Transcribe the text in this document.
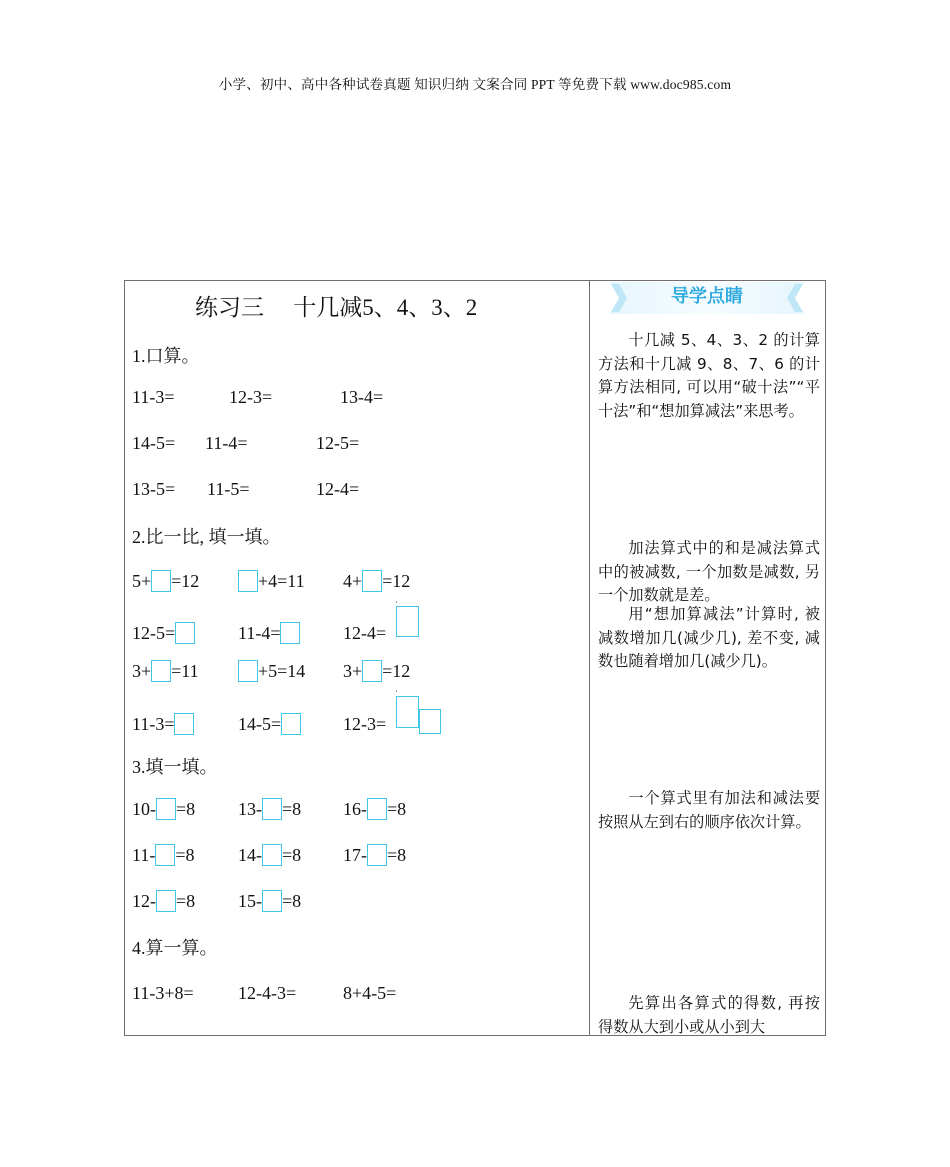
小学、初中、高中各种试卷真题 知识归纳 文案合同 PPT 等免费下载 www.doc985.com
练习三    十几减5、4、3、2
1.口算。
11-3=	12-3=	13-4=
14-5= 11-4=	12-5=
13-5= 11-5=	12-4=
2.比一比, 填一填。
5+ =12	+4=11 4+ =12
12-5=	11-4=	12-4=
3+ =11	+5=14 3+ =12
11-3=	14-5=	12-3=
3.填一填。
10- =8 13- =8 16- =8
11- =8 14- =8 17- =8
12- =8 15- =8
4.算一算。
11-3+8= 12-4-3=	8+4-5=
导学点睛
十几减 5、4、3、2 的计算方法和十几减 9、8、7、6 的计算方法相同, 可以用“破十法”“平十法”和“想加算减法”来思考。
加法算式中的和是减法算式中的被减数, 一个加数是减数, 另一个加数就是差。
用“想加算减法”计算时, 被减数增加几(减少几), 差不变, 减数也随着增加几(减少几)。
一个算式里有加法和减法要按照从左到右的顺序依次计算。
先算出各算式的得数, 再按得数从大到小或从小到大
